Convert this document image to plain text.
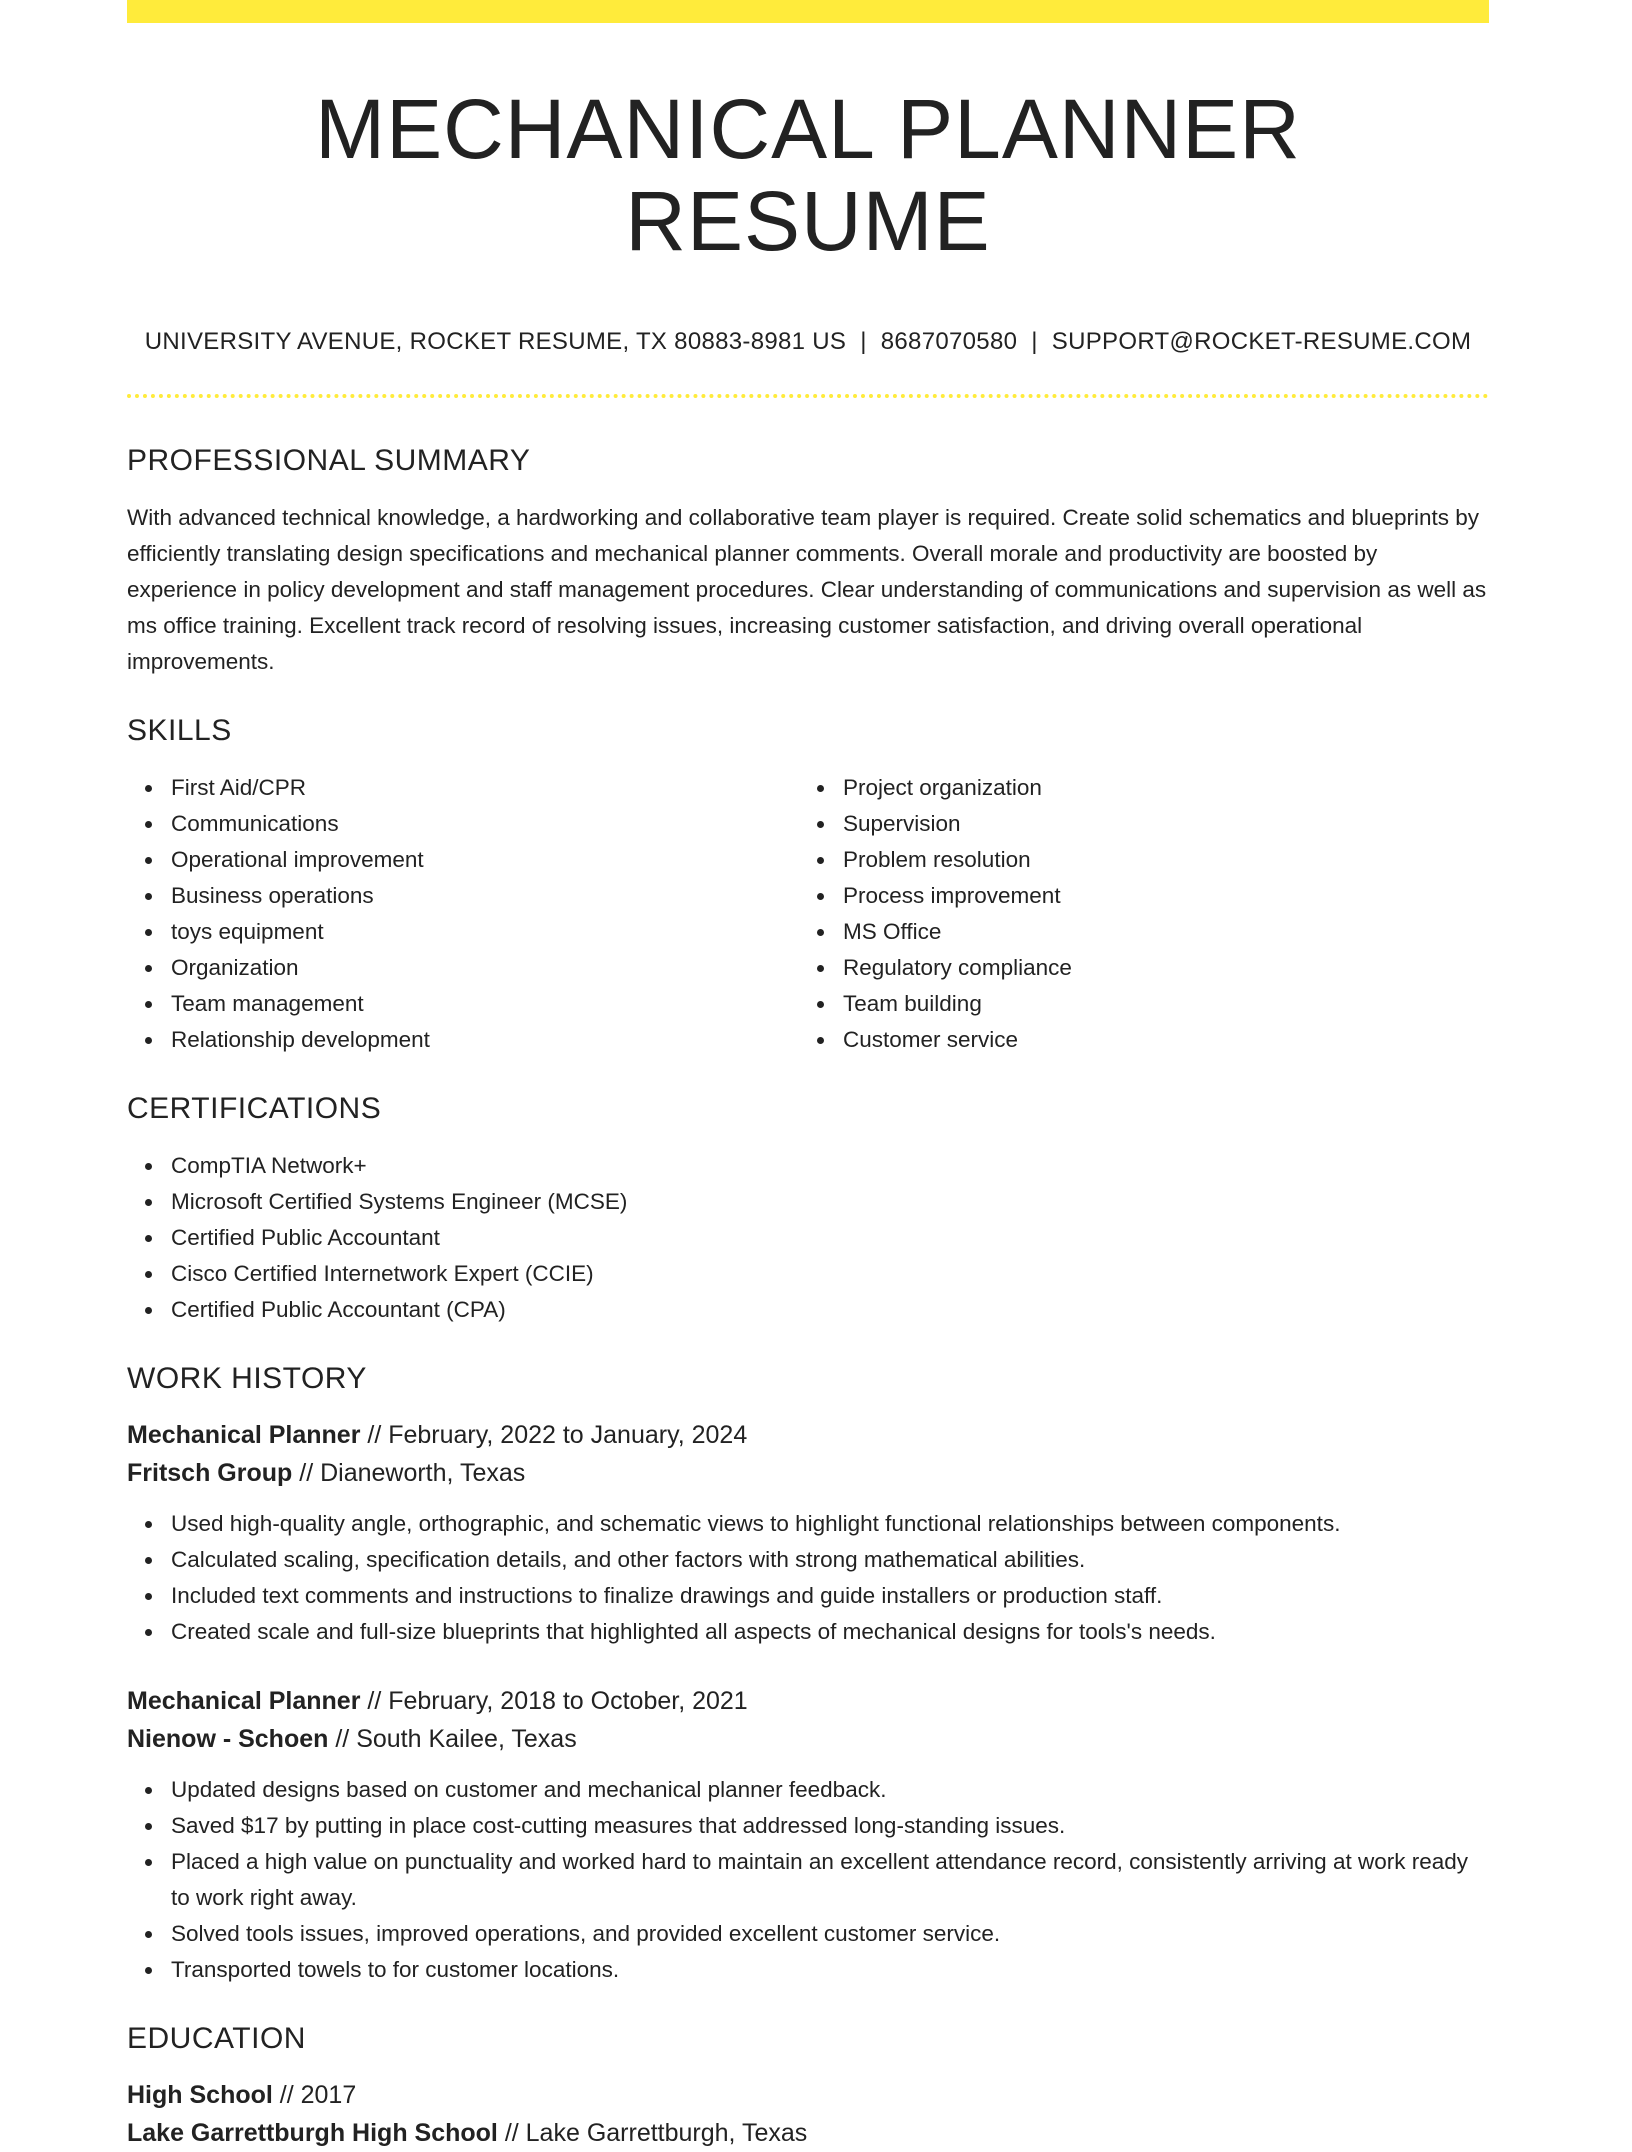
MECHANICAL PLANNER RESUME
UNIVERSITY AVENUE, ROCKET RESUME, TX 80883-8981 US | 8687070580 | SUPPORT@ROCKET-RESUME.COM
PROFESSIONAL SUMMARY

With advanced technical knowledge, a hardworking and collaborative team player is required. Create solid schematics and blueprints by efficiently translating design specifications and mechanical planner comments. Overall morale and productivity are boosted by experience in policy development and staff management procedures. Clear understanding of communications and supervision as well as ms office training. Excellent track record of resolving issues, increasing customer satisfaction, and driving overall operational improvements.

SKILLS
First Aid/CPR
Communications
Operational improvement
Business operations
toys equipment
Organization
Team management
Relationship development
Project organization
Supervision
Problem resolution
Process improvement
MS Office
Regulatory compliance
Team building
Customer service
CERTIFICATIONS
CompTIA Network+
Microsoft Certified Systems Engineer (MCSE)
Certified Public Accountant
Cisco Certified Internetwork Expert (CCIE)
Certified Public Accountant (CPA)
WORK HISTORY
Mechanical Planner // February, 2022 to January, 2024
Fritsch Group // Dianeworth, Texas
Used high-quality angle, orthographic, and schematic views to highlight functional relationships between components.
Calculated scaling, specification details, and other factors with strong mathematical abilities.
Included text comments and instructions to finalize drawings and guide installers or production staff.
Created scale and full-size blueprints that highlighted all aspects of mechanical designs for tools's needs.
Mechanical Planner // February, 2018 to October, 2021
Nienow - Schoen // South Kailee, Texas
Updated designs based on customer and mechanical planner feedback.
Saved $17 by putting in place cost-cutting measures that addressed long-standing issues.
Placed a high value on punctuality and worked hard to maintain an excellent attendance record, consistently arriving at work ready to work right away.
Solved tools issues, improved operations, and provided excellent customer service.
Transported towels to for customer locations.
EDUCATION
High School // 2017
Lake Garrettburgh High School // Lake Garrettburgh, Texas
